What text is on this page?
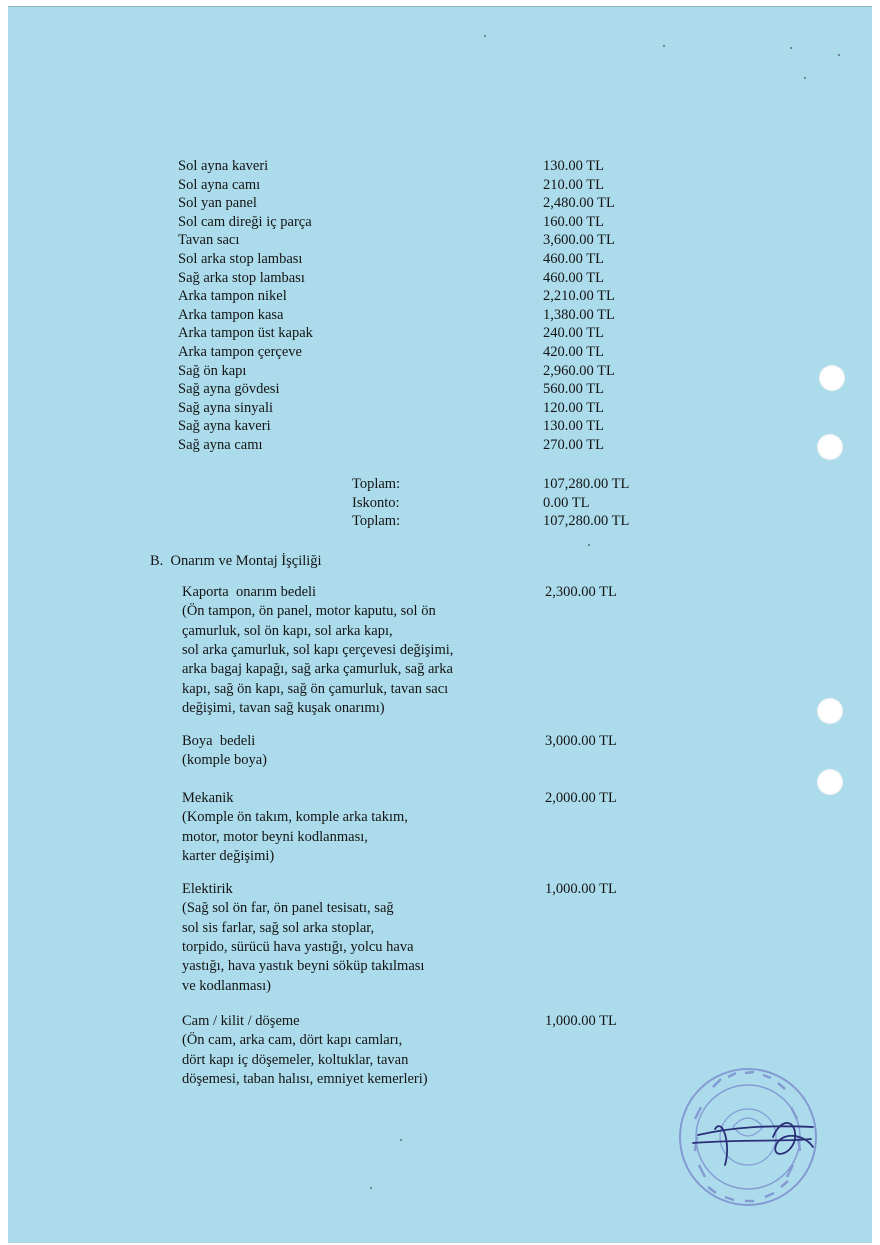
Sol ayna kaveri	130.00 TL
Sol ayna camı	210.00 TL
Sol yan panel	2,480.00 TL
Sol cam direği iç parça	160.00 TL
Tavan sacı	3,600.00 TL
Sol arka stop lambası	460.00 TL
Sağ arka stop lambası	460.00 TL
Arka tampon nikel	2,210.00 TL
Arka tampon kasa	1,380.00 TL
Arka tampon üst kapak	240.00 TL
Arka tampon çerçeve	420.00 TL
Sağ ön kapı	2,960.00 TL
Sağ ayna gövdesi	560.00 TL
Sağ ayna sinyali	120.00 TL
Sağ ayna kaveri	130.00 TL
Sağ ayna camı	270.00 TL
Toplam:	107,280.00 TL
Iskonto:	0.00 TL
Toplam:	107,280.00 TL
B.  Onarım ve Montaj İşçiliği
Kaporta  onarım bedeli	2,300.00 TL
(Ön tampon, ön panel, motor kaputu, sol ön
çamurluk, sol ön kapı, sol arka kapı,
sol arka çamurluk, sol kapı çerçevesi değişimi,
arka bagaj kapağı, sağ arka çamurluk, sağ arka
kapı, sağ ön kapı, sağ ön çamurluk, tavan sacı
değişimi, tavan sağ kuşak onarımı)
Boya  bedeli	3,000.00 TL
(komple boya)
Mekanik	2,000.00 TL
(Komple ön takım, komple arka takım,
motor, motor beyni kodlanması,
karter değişimi)
Elektirik	1,000.00 TL
(Sağ sol ön far, ön panel tesisatı, sağ
sol sis farlar, sağ sol arka stoplar,
torpido, sürücü hava yastığı, yolcu hava
yastığı, hava yastık beyni söküp takılması
ve kodlanması)
Cam / kilit / döşeme	1,000.00 TL
(Ön cam, arka cam, dört kapı camları,
dört kapı iç döşemeler, koltuklar, tavan
döşemesi, taban halısı, emniyet kemerleri)
